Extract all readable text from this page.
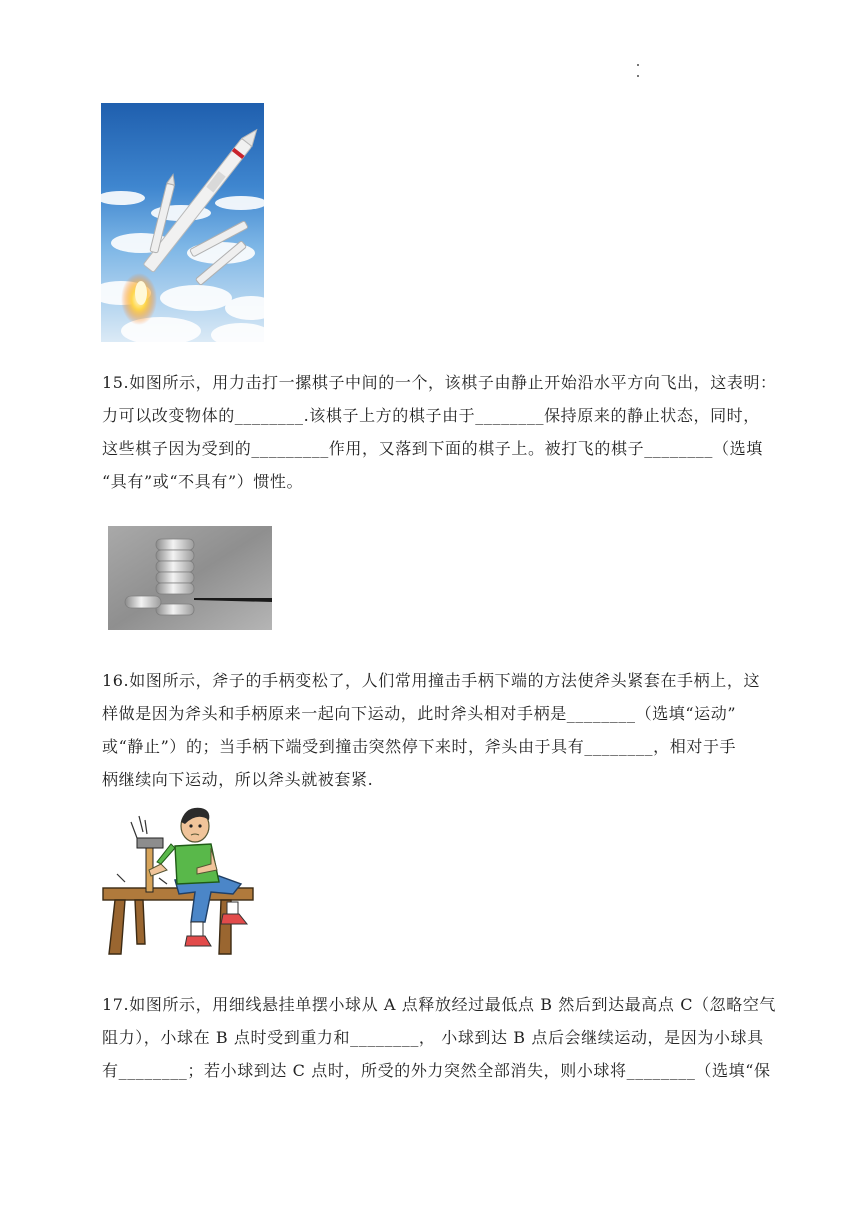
15.如图所示，用力击打一摞棋子中间的一个，该棋子由静止开始沿水平方向飞出，这表明：

力可以改变物体的________.该棋子上方的棋子由于________保持原来的静止状态，同时，

这些棋子因为受到的_________作用，又落到下面的棋子上。被打飞的棋子________（选填

“具有”或“不具有”）惯性。

16.如图所示，斧子的手柄变松了，人们常用撞击手柄下端的方法使斧头紧套在手柄上，这

样做是因为斧头和手柄原来一起向下运动，此时斧头相对手柄是________（选填“运动”

或“静止”）的；当手柄下端受到撞击突然停下来时，斧头由于具有________，相对于手

柄继续向下运动，所以斧头就被套紧.

17.如图所示，用细线悬挂单摆小球从 A 点释放经过最低点 B 然后到达最高点 C（忽略空气

阻力），小球在 B 点时受到重力和________， 小球到达 B 点后会继续运动，是因为小球具

有________；若小球到达 C 点时，所受的外力突然全部消失，则小球将________（选填“保
